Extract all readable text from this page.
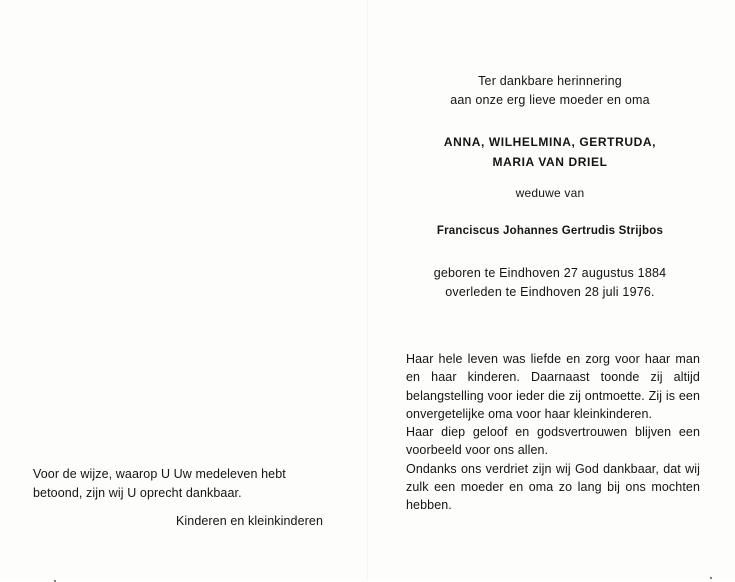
Voor de wijze, waarop U Uw medeleven hebt

betoond, zijn wij U oprecht dankbaar.

Kinderen en kleinkinderen

Ter dankbare herinnering
aan onze erg lieve moeder en oma
ANNA, WILHELMINA, GERTRUDA,
MARIA VAN DRIEL
weduwe van
Franciscus Johannes Gertrudis Strijbos
geboren te Eindhoven 27 augustus 1884
overleden te Eindhoven 28 juli 1976.

Haar hele leven was liefde en zorg voor haar man en haar kinderen. Daarnaast toonde zij altijd belangstelling voor ieder die zij ontmoette. Zij is een onvergetelijke oma voor haar kleinkinderen.

Haar diep geloof en godsvertrouwen blijven een voorbeeld voor ons allen.

Ondanks ons verdriet zijn wij God dankbaar, dat wij zulk een moeder en oma zo lang bij ons mochten hebben.
